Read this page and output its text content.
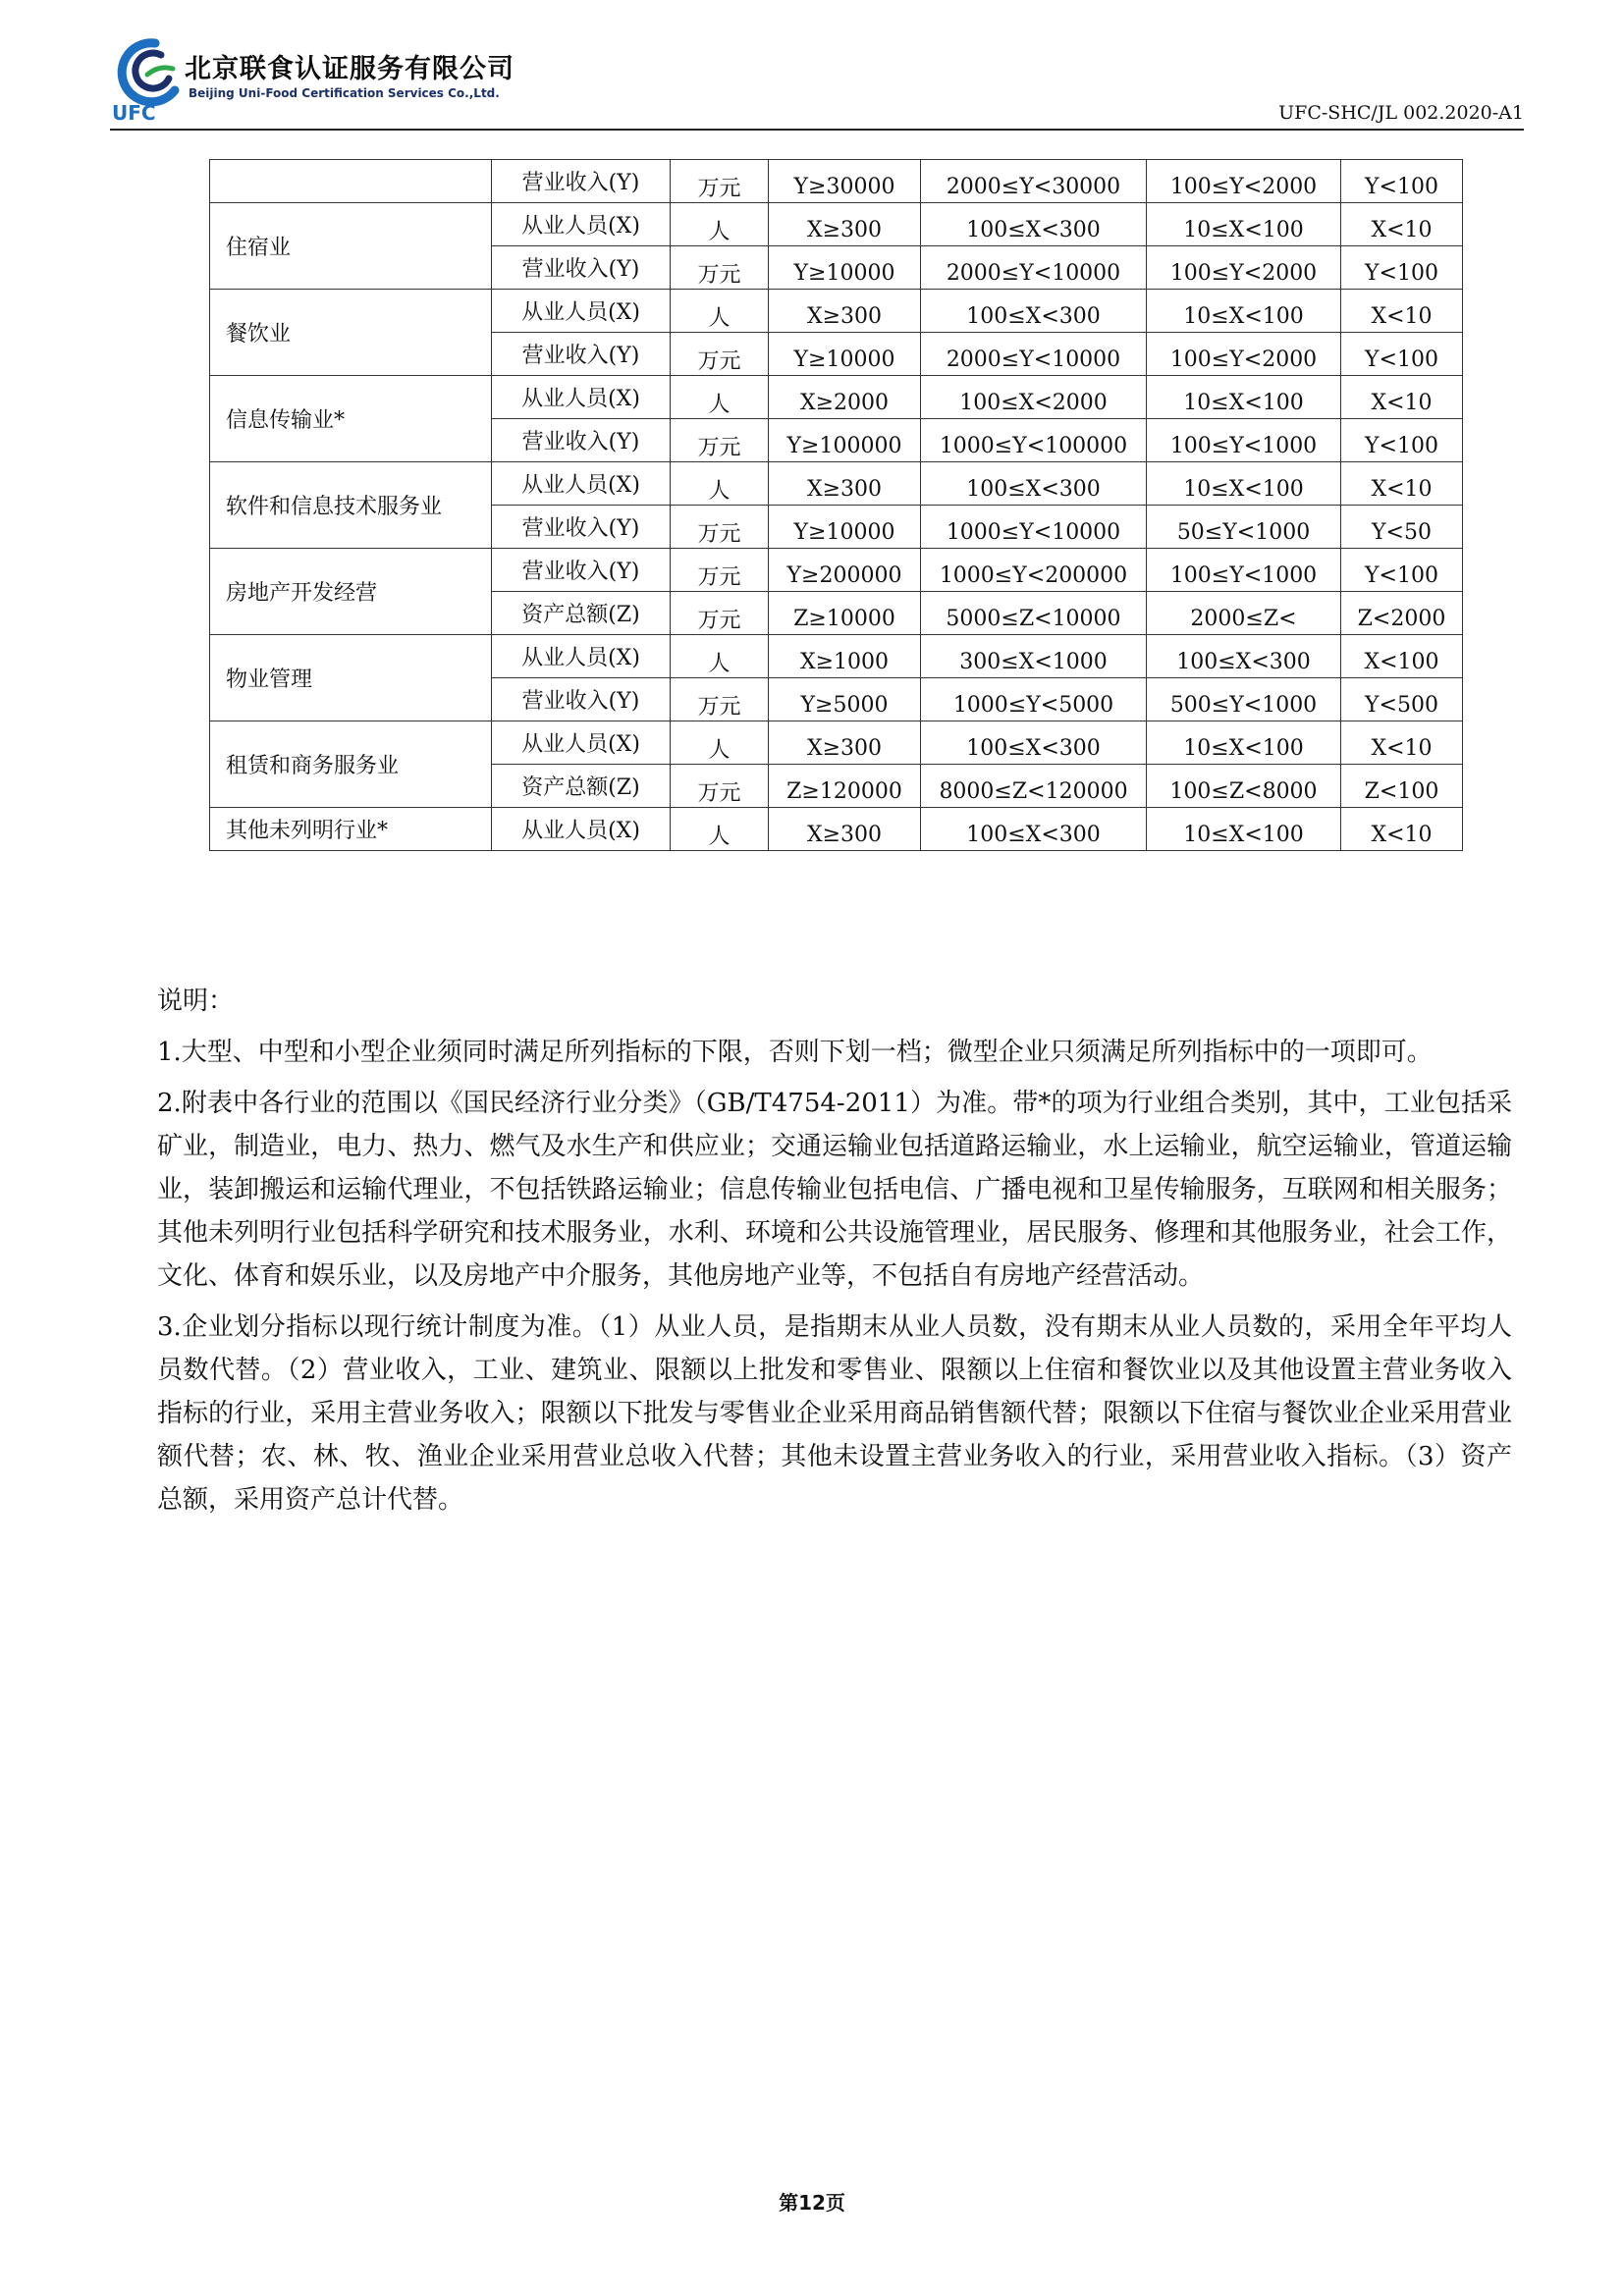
UFC
北京联食认证服务有限公司
Beijing Uni-Food Certification Services Co.,Ltd.
UFC-SHC/JL 002.2020-A1
	营业收入(Y)	万元	Y≥30000	2000≤Y<30000	100≤Y<2000	Y<100

住宿业	从业人员(X)	人	X≥300	100≤X<300	10≤X<100	X<10

	营业收入(Y)	万元	Y≥10000	2000≤Y<10000	100≤Y<2000	Y<100

餐饮业	从业人员(X)	人	X≥300	100≤X<300	10≤X<100	X<10

	营业收入(Y)	万元	Y≥10000	2000≤Y<10000	100≤Y<2000	Y<100

信息传输业*	从业人员(X)	人	X≥2000	100≤X<2000	10≤X<100	X<10

	营业收入(Y)	万元	Y≥100000	1000≤Y<100000	100≤Y<1000	Y<100

软件和信息技术服务业	从业人员(X)	人	X≥300	100≤X<300	10≤X<100	X<10

	营业收入(Y)	万元	Y≥10000	1000≤Y<10000	50≤Y<1000	Y<50

房地产开发经营	营业收入(Y)	万元	Y≥200000	1000≤Y<200000	100≤Y<1000	Y<100

	资产总额(Z)	万元	Z≥10000	5000≤Z<10000	2000≤Z<	Z<2000

物业管理	从业人员(X)	人	X≥1000	300≤X<1000	100≤X<300	X<100

	营业收入(Y)	万元	Y≥5000	1000≤Y<5000	500≤Y<1000	Y<500

租赁和商务服务业	从业人员(X)	人	X≥300	100≤X<300	10≤X<100	X<10

	资产总额(Z)	万元	Z≥120000	8000≤Z<120000	100≤Z<8000	Z<100

其他未列明行业*	从业人员(X)	人	X≥300	100≤X<300	10≤X<100	X<10

说明：

1.大型、中型和小型企业须同时满足所列指标的下限，否则下划一档；微型企业只须满足所列指标中的一项即可。

2.附表中各行业的范围以《国民经济行业分类》（GB/T4754-2011）为准。带*的项为行业组合类别，其中，工业包括采矿业，制造业，电力、热力、燃气及水生产和供应业；交通运输业包括道路运输业，水上运输业，航空运输业，管道运输业，装卸搬运和运输代理业，不包括铁路运输业；信息传输业包括电信、广播电视和卫星传输服务，互联网和相关服务；其他未列明行业包括科学研究和技术服务业，水利、环境和公共设施管理业，居民服务、修理和其他服务业，社会工作，文化、体育和娱乐业，以及房地产中介服务，其他房地产业等，不包括自有房地产经营活动。

3.企业划分指标以现行统计制度为准。（1）从业人员，是指期末从业人员数，没有期末从业人员数的，采用全年平均人员数代替。（2）营业收入，工业、建筑业、限额以上批发和零售业、限额以上住宿和餐饮业以及其他设置主营业务收入指标的行业，采用主营业务收入；限额以下批发与零售业企业采用商品销售额代替；限额以下住宿与餐饮业企业采用营业额代替；农、林、牧、渔业企业采用营业总收入代替；其他未设置主营业务收入的行业，采用营业收入指标。（3）资产总额，采用资产总计代替。

第12页
